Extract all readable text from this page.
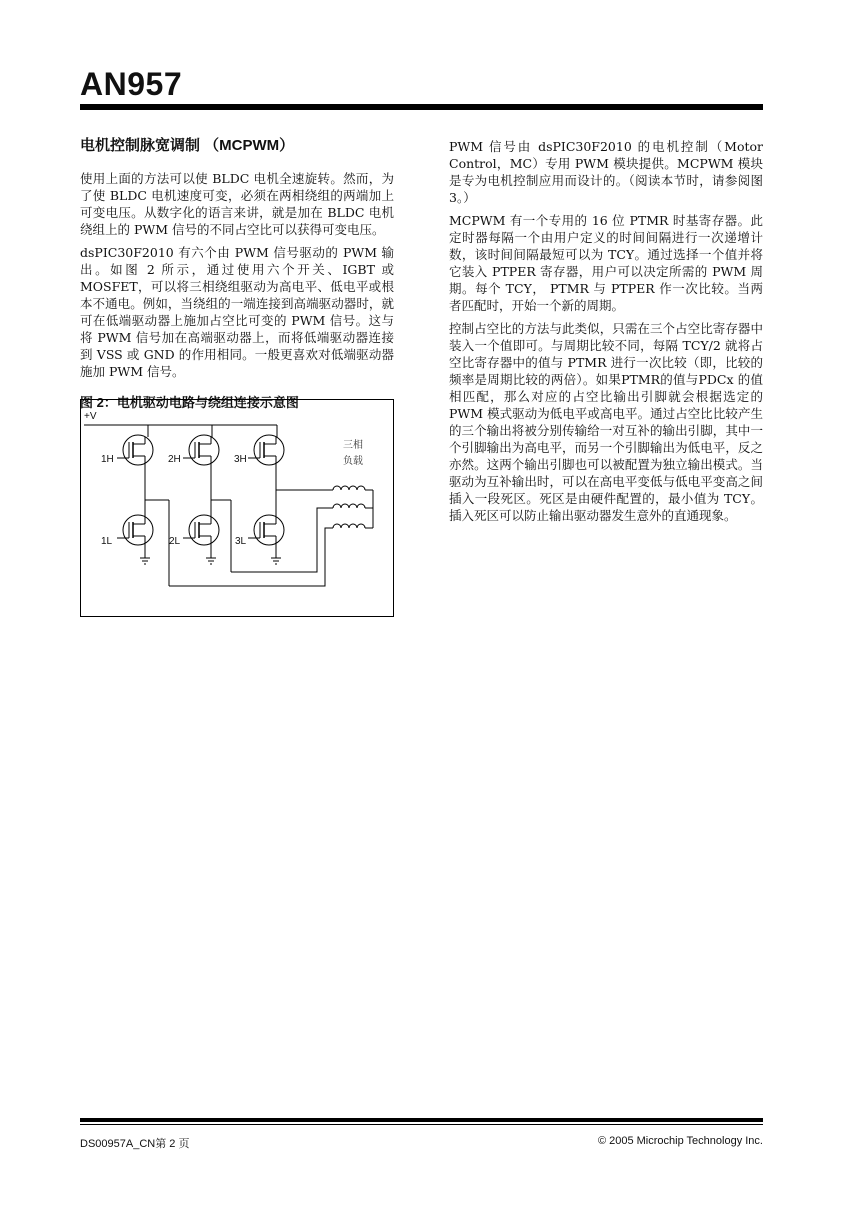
AN957
电机控制脉宽调制 （MCPWM）

使用上面的方法可以使 BLDC 电机全速旋转。然而，为了使 BLDC 电机速度可变，必须在两相绕组的两端加上可变电压。从数字化的语言来讲，就是加在 BLDC 电机绕组上的 PWM 信号的不同占空比可以获得可变电压。

dsPIC30F2010 有六个由 PWM 信号驱动的 PWM 输出。如图 2 所示，通过使用六个开关、IGBT 或 MOSFET，可以将三相绕组驱动为高电平、低电平或根本不通电。例如，当绕组的一端连接到高端驱动器时，就可在低端驱动器上施加占空比可变的 PWM 信号。这与将 PWM 信号加在高端驱动器上，而将低端驱动器连接到 VSS 或 GND 的作用相同。一般更喜欢对低端驱动器施加 PWM 信号。

图 2：电机驱动电路与绕组连接示意图
+V
1H	2H	3H
1L	2L	3L
三相
负载

PWM 信号由 dsPIC30F2010 的电机控制（Motor Control，MC）专用 PWM 模块提供。MCPWM 模块是专为电机控制应用而设计的。（阅读本节时，请参阅图 3。）

MCPWM 有一个专用的 16 位 PTMR 时基寄存器。此定时器每隔一个由用户定义的时间间隔进行一次递增计数，该时间间隔最短可以为 TCY。通过选择一个值并将它装入 PTPER 寄存器，用户可以决定所需的 PWM 周期。每个 TCY， PTMR 与 PTPER 作一次比较。当两者匹配时，开始一个新的周期。

控制占空比的方法与此类似，只需在三个占空比寄存器中装入一个值即可。与周期比较不同，每隔 TCY/2 就将占空比寄存器中的值与 PTMR 进行一次比较（即，比较的频率是周期比较的两倍）。如果PTMR的值与PDCx 的值相匹配，那么对应的占空比输出引脚就会根据选定的 PWM 模式驱动为低电平或高电平。通过占空比比较产生的三个输出将被分别传输给一对互补的输出引脚，其中一个引脚输出为高电平，而另一个引脚输出为低电平，反之亦然。这两个输出引脚也可以被配置为独立输出模式。当驱动为互补输出时，可以在高电平变低与低电平变高之间插入一段死区。死区是由硬件配置的，最小值为 TCY。插入死区可以防止输出驱动器发生意外的直通现象。

DS00957A_CN第 2 页	© 2005 Microchip Technology Inc.
